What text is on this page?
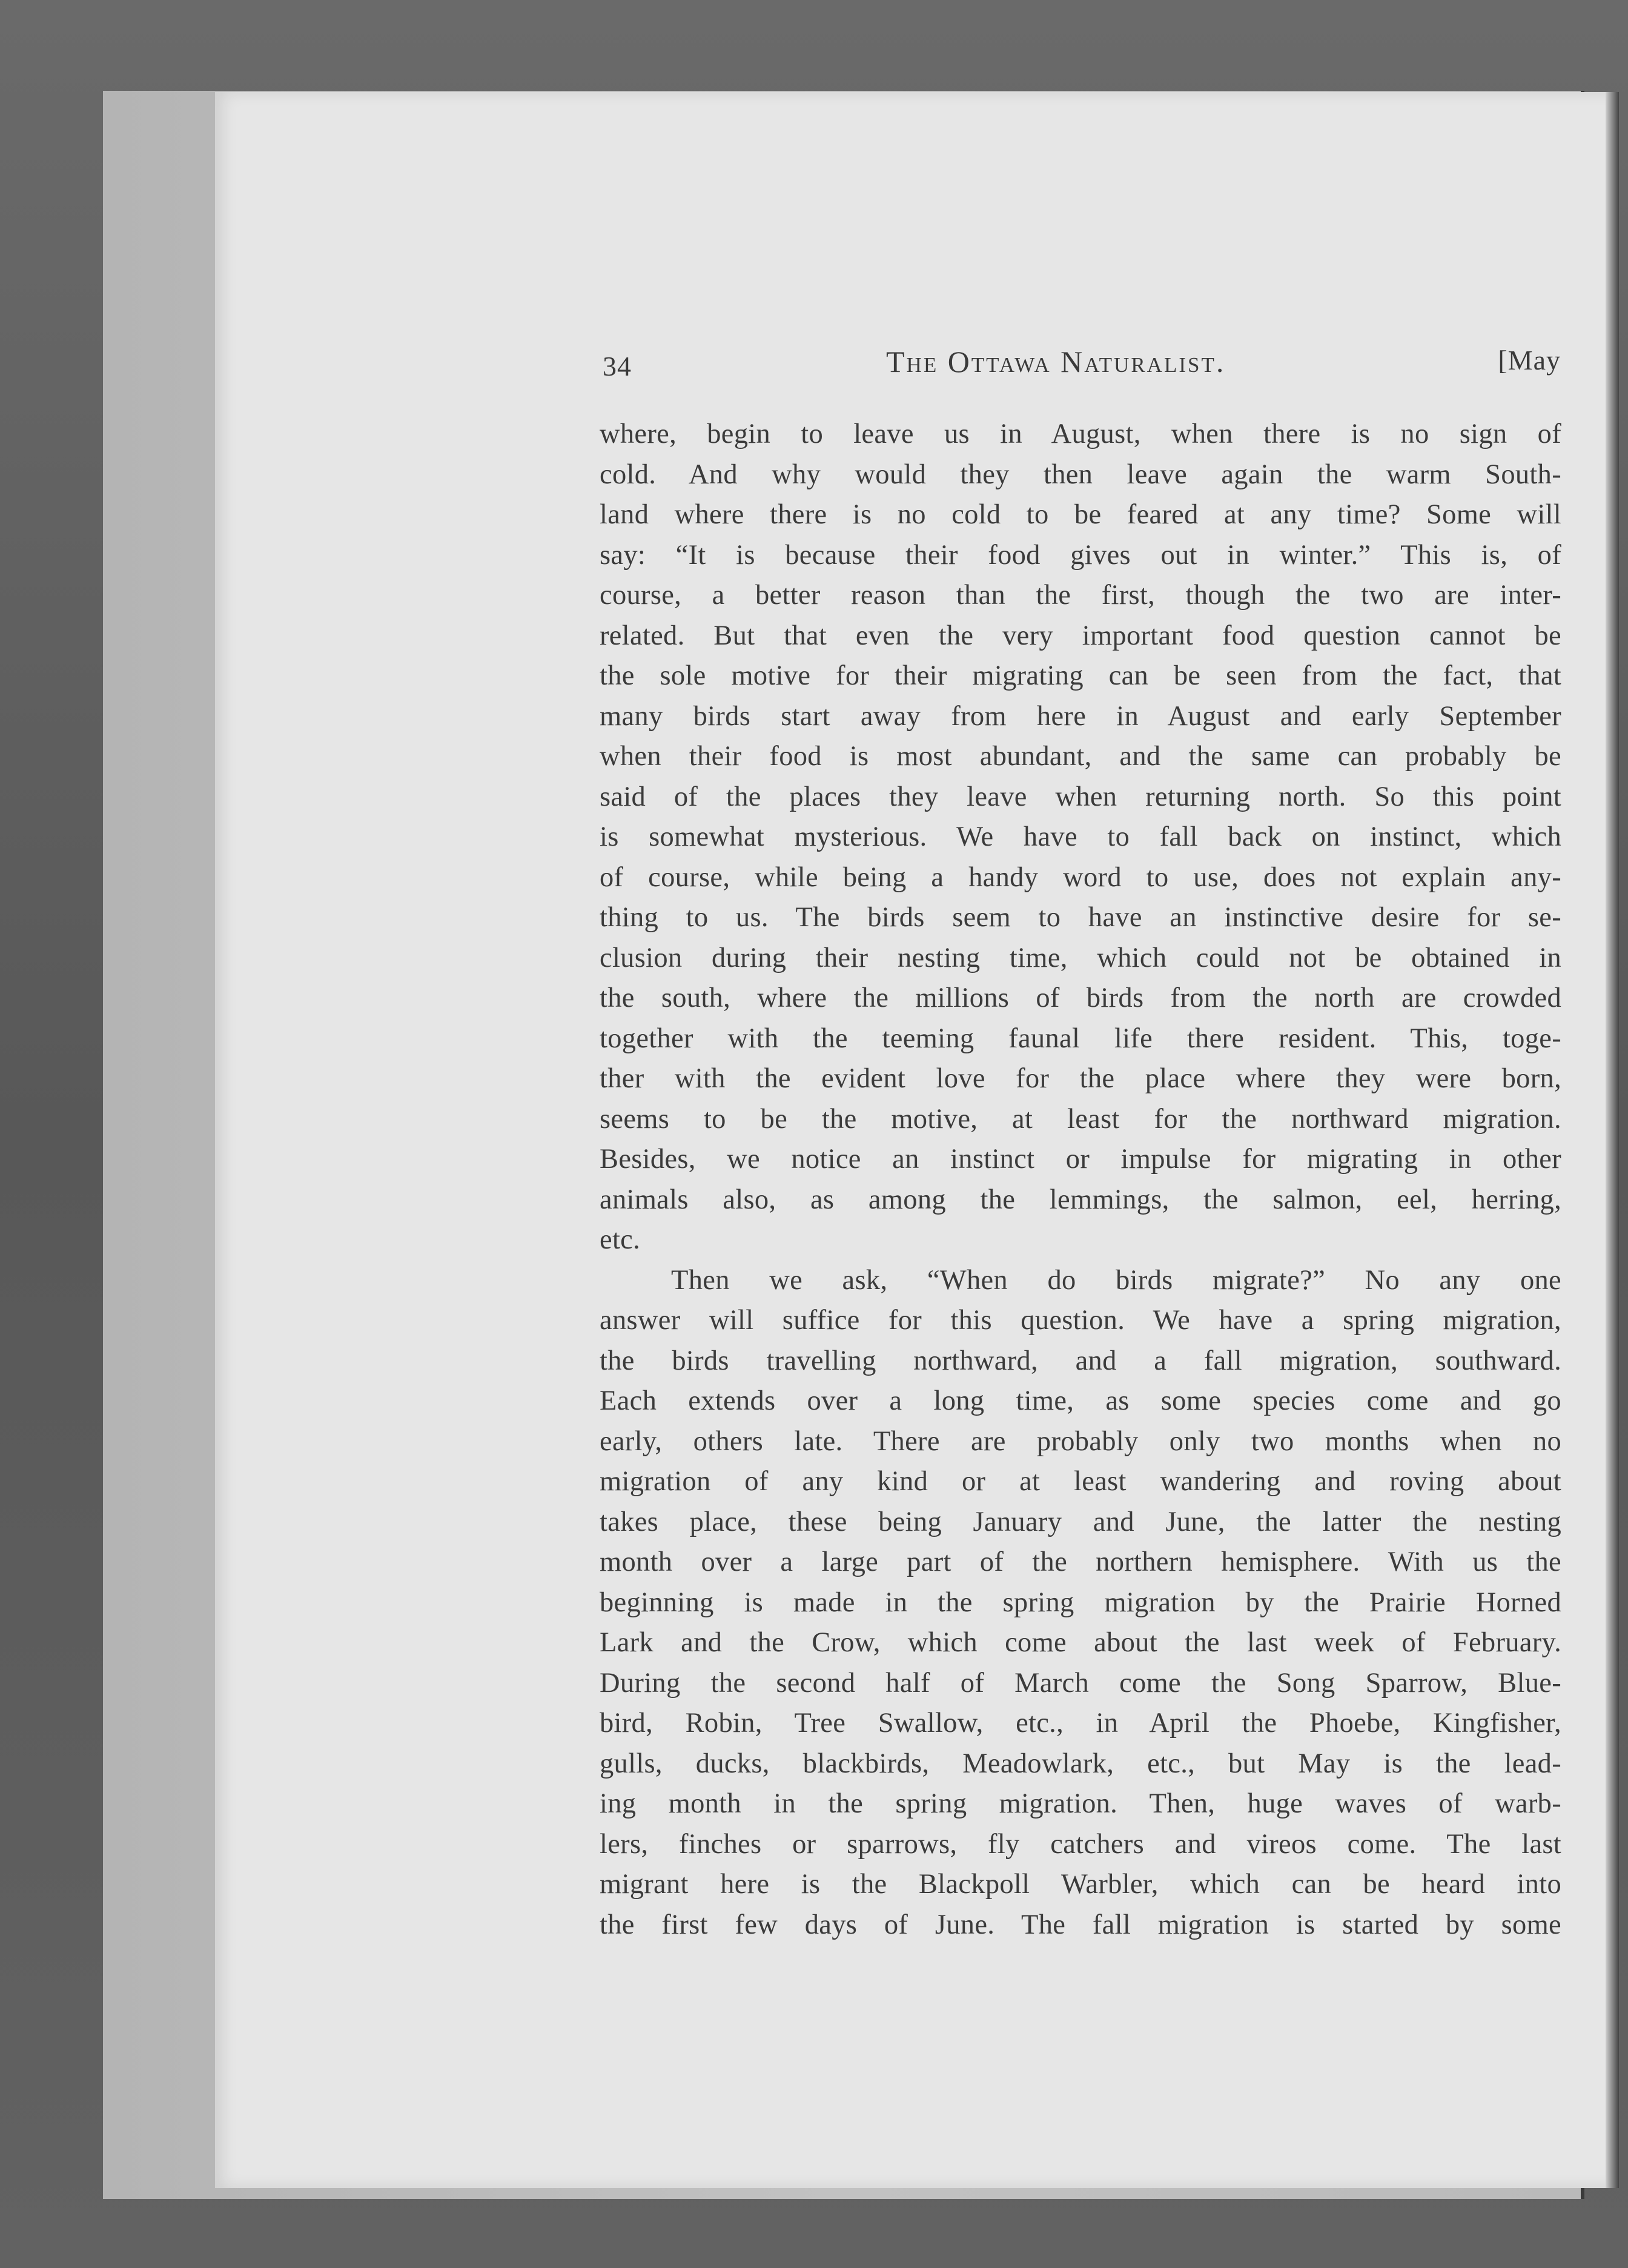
34	The Ottawa Naturalist.	[May
where, begin to leave us in August, when there is no sign of
cold. And why would they then leave again the warm South-
land where there is no cold to be feared at any time? Some will
say: “It is because their food gives out in winter.” This is, of
course, a better reason than the first, though the two are inter-
related. But that even the very important food question cannot be
the sole motive for their migrating can be seen from the fact, that
many birds start away from here in August and early September
when their food is most abundant, and the same can probably be
said of the places they leave when returning north. So this point
is somewhat mysterious. We have to fall back on instinct, which
of course, while being a handy word to use, does not explain any-
thing to us. The birds seem to have an instinctive desire for se-
clusion during their nesting time, which could not be obtained in
the south, where the millions of birds from the north are crowded
together with the teeming faunal life there resident. This, toge-
ther with the evident love for the place where they were born,
seems to be the motive, at least for the northward migration.
Besides, we notice an instinct or impulse for migrating in other
animals also, as among the lemmings, the salmon, eel, herring,
etc.
Then we ask, “When do birds migrate?” No any one
answer will suffice for this question. We have a spring migration,
the birds travelling northward, and a fall migration, southward.
Each extends over a long time, as some species come and go
early, others late. There are probably only two months when no
migration of any kind or at least wandering and roving about
takes place, these being January and June, the latter the nesting
month over a large part of the northern hemisphere. With us the
beginning is made in the spring migration by the Prairie Horned
Lark and the Crow, which come about the last week of February.
During the second half of March come the Song Sparrow, Blue-
bird, Robin, Tree Swallow, etc., in April the Phoebe, Kingfisher,
gulls, ducks, blackbirds, Meadowlark, etc., but May is the lead-
ing month in the spring migration. Then, huge waves of warb-
lers, finches or sparrows, fly catchers and vireos come. The last
migrant here is the Blackpoll Warbler, which can be heard into
the first few days of June. The fall migration is started by some
